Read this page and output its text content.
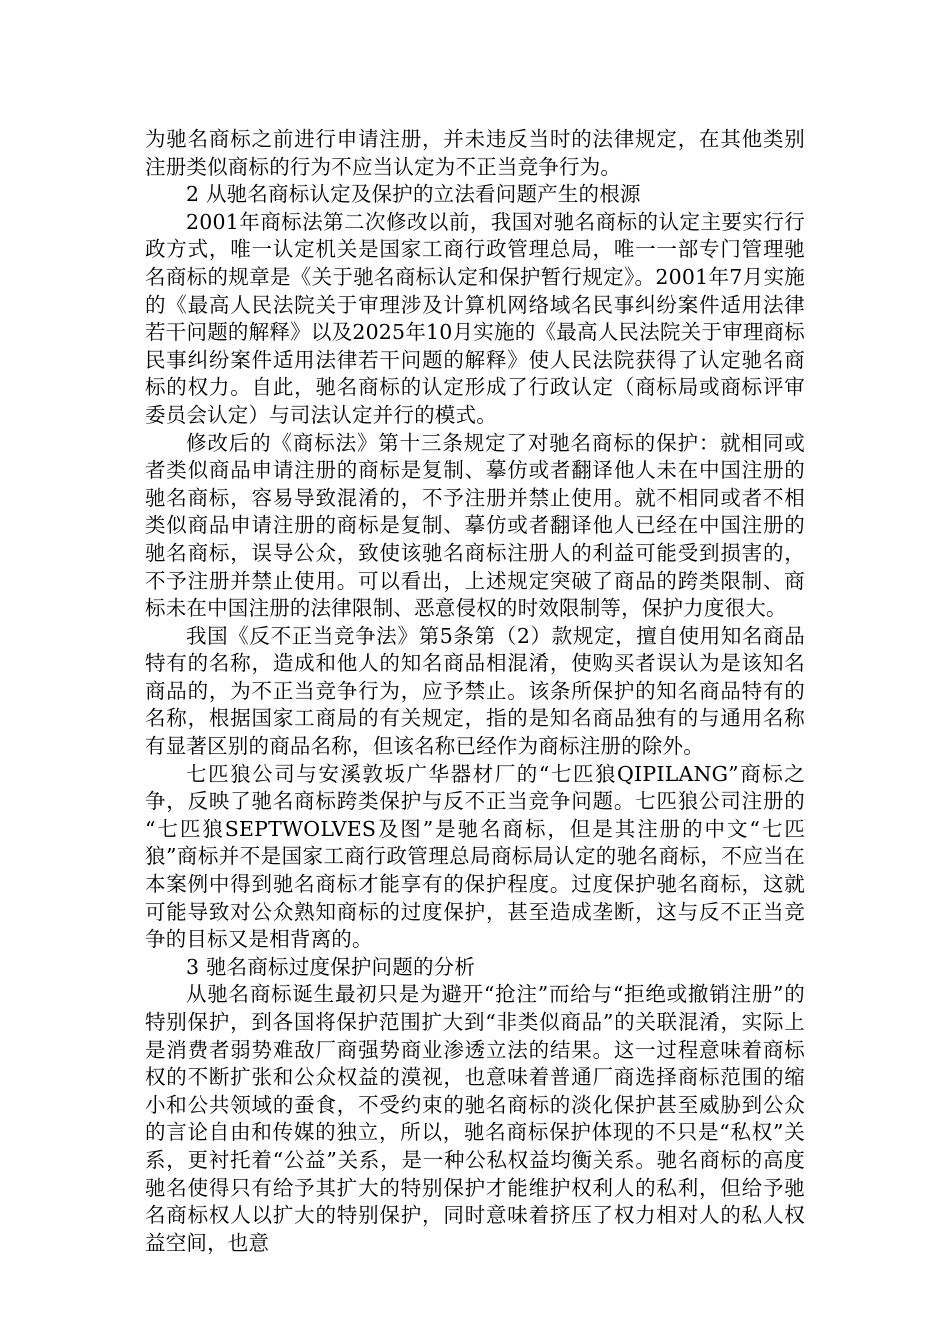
为驰名商标之前进行申请注册，并未违反当时的法律规定，在其他类别注册类似商标的行为不应当认定为不正当竞争行为。

2 从驰名商标认定及保护的立法看问题产生的根源

2001年商标法第二次修改以前，我国对驰名商标的认定主要实行行政方式，唯一认定机关是国家工商行政管理总局，唯一一部专门管理驰名商标的规章是《关于驰名商标认定和保护暂行规定》。2001年7月实施的《最高人民法院关于审理涉及计算机网络域名民事纠纷案件适用法律若干问题的解释》以及2025年10月实施的《最高人民法院关于审理商标民事纠纷案件适用法律若干问题的解释》使人民法院获得了认定驰名商标的权力。自此，驰名商标的认定形成了行政认定（商标局或商标评审委员会认定）与司法认定并行的模式。

修改后的《商标法》第十三条规定了对驰名商标的保护：就相同或者类似商品申请注册的商标是复制、摹仿或者翻译他人未在中国注册的驰名商标，容易导致混淆的，不予注册并禁止使用。就不相同或者不相类似商品申请注册的商标是复制、摹仿或者翻译他人已经在中国注册的驰名商标，误导公众，致使该驰名商标注册人的利益可能受到损害的，不予注册并禁止使用。可以看出，上述规定突破了商品的跨类限制、商标未在中国注册的法律限制、恶意侵权的时效限制等，保护力度很大。

我国《反不正当竞争法》第5条第（2）款规定，擅自使用知名商品特有的名称，造成和他人的知名商品相混淆，使购买者误认为是该知名商品的，为不正当竞争行为，应予禁止。该条所保护的知名商品特有的名称，根据国家工商局的有关规定，指的是知名商品独有的与通用名称有显著区别的商品名称，但该名称已经作为商标注册的除外。

七匹狼公司与安溪敦坂广华器材厂的“七匹狼QIPILANG”商标之争，反映了驰名商标跨类保护与反不正当竞争问题。七匹狼公司注册的 “七匹狼SEPTWOLVES及图”是驰名商标，但是其注册的中文“七匹狼”商标并不是国家工商行政管理总局商标局认定的驰名商标，不应当在本案例中得到驰名商标才能享有的保护程度。过度保护驰名商标，这就可能导致对公众熟知商标的过度保护，甚至造成垄断，这与反不正当竞争的目标又是相背离的。

3 驰名商标过度保护问题的分析

从驰名商标诞生最初只是为避开“抢注”而给与“拒绝或撤销注册”的特别保护，到各国将保护范围扩大到“非类似商品”的关联混淆，实际上是消费者弱势难敌厂商强势商业渗透立法的结果。这一过程意味着商标权的不断扩张和公众权益的漠视，也意味着普通厂商选择商标范围的缩小和公共领域的蚕食，不受约束的驰名商标的淡化保护甚至威胁到公众的言论自由和传媒的独立，所以，驰名商标保护体现的不只是“私权”关系，更衬托着“公益”关系，是一种公私权益均衡关系。驰名商标的高度驰名使得只有给予其扩大的特别保护才能维护权利人的私利，但给予驰名商标权人以扩大的特别保护，同时意味着挤压了权力相对人的私人权益空间，也意
